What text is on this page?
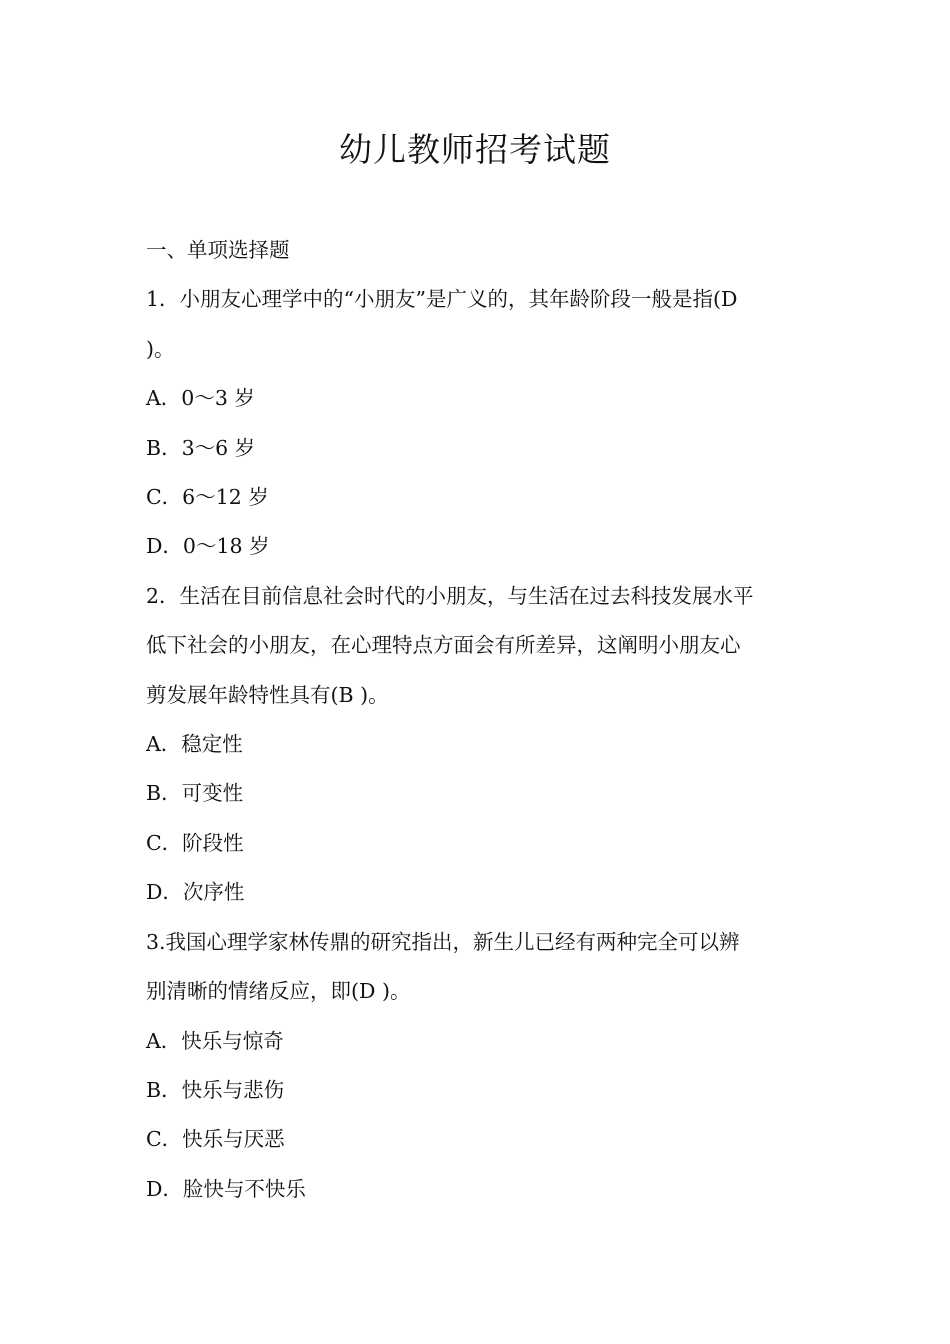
幼儿教师招考试题

一、单项选择题

1．小朋友心理学中的“小朋友”是广义的，其年龄阶段一般是指(D

)。

A．0～3 岁

B．3～6 岁

C．6～12 岁

D．0～18 岁

2．生活在目前信息社会时代的小朋友，与生活在过去科技发展水平

低下社会的小朋友，在心理特点方面会有所差异，这阐明小朋友心

剪发展年龄特性具有(B )。

A．稳定性

B．可变性

C．阶段性

D．次序性

3.我国心理学家林传鼎的研究指出，新生儿已经有两种完全可以辨

别清晰的情绪反应，即(D )。

A．快乐与惊奇

B．快乐与悲伤

C．快乐与厌恶

D．脸快与不快乐
